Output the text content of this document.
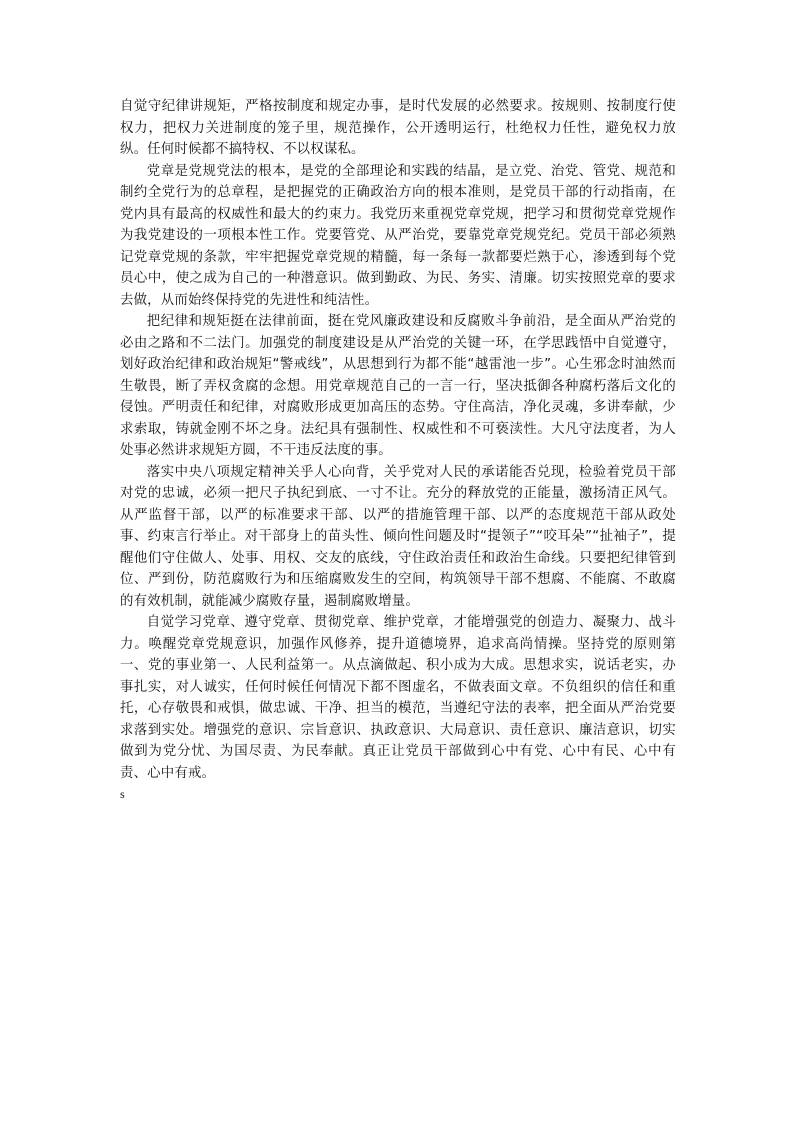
自觉守纪律讲规矩，严格按制度和规定办事，是时代发展的必然要求。按规则、按制度行使权力，把权力关进制度的笼子里，规范操作，公开透明运行，杜绝权力任性，避免权力放纵。任何时候都不搞特权、不以权谋私。

党章是党规党法的根本，是党的全部理论和实践的结晶，是立党、治党、管党、规范和制约全党行为的总章程，是把握党的正确政治方向的根本准则，是党员干部的行动指南，在党内具有最高的权威性和最大的约束力。我党历来重视党章党规，把学习和贯彻党章党规作为我党建设的一项根本性工作。党要管党、从严治党，要靠党章党规党纪。党员干部必须熟记党章党规的条款，牢牢把握党章党规的精髓，每一条每一款都要烂熟于心，渗透到每个党员心中，使之成为自己的一种潜意识。做到勤政、为民、务实、清廉。切实按照党章的要求去做，从而始终保持党的先进性和纯洁性。

把纪律和规矩挺在法律前面，挺在党风廉政建设和反腐败斗争前沿，是全面从严治党的必由之路和不二法门。加强党的制度建设是从严治党的关键一环，在学思践悟中自觉遵守，划好政治纪律和政治规矩“警戒线”，从思想到行为都不能“越雷池一步”。心生邪念时油然而生敬畏，断了弄权贪腐的念想。用党章规范自己的一言一行，坚决抵御各种腐朽落后文化的侵蚀。严明责任和纪律，对腐败形成更加高压的态势。守住高洁，净化灵魂，多讲奉献，少求索取，铸就金刚不坏之身。法纪具有强制性、权威性和不可亵渎性。大凡守法度者，为人处事必然讲求规矩方圆，不干违反法度的事。

落实中央八项规定精神关乎人心向背，关乎党对人民的承诺能否兑现，检验着党员干部对党的忠诚，必须一把尺子执纪到底、一寸不让。充分的释放党的正能量，激扬清正风气。从严监督干部，以严的标准要求干部、以严的措施管理干部、以严的态度规范干部从政处事、约束言行举止。对干部身上的苗头性、倾向性问题及时“提领子”“咬耳朵”“扯袖子”，提醒他们守住做人、处事、用权、交友的底线，守住政治责任和政治生命线。只要把纪律管到位、严到份，防范腐败行为和压缩腐败发生的空间，构筑领导干部不想腐、不能腐、不敢腐的有效机制，就能减少腐败存量，遏制腐败增量。

自觉学习党章、遵守党章、贯彻党章、维护党章，才能增强党的创造力、凝聚力、战斗力。唤醒党章党规意识，加强作风修养，提升道德境界，追求高尚情操。坚持党的原则第一、党的事业第一、人民利益第一。从点滴做起、积小成为大成。思想求实，说话老实，办事扎实，对人诚实，任何时候任何情况下都不图虚名，不做表面文章。不负组织的信任和重托，心存敬畏和戒惧，做忠诚、干净、担当的模范，当遵纪守法的表率，把全面从严治党要求落到实处。增强党的意识、宗旨意识、执政意识、大局意识、责任意识、廉洁意识，切实做到为党分忧、为国尽责、为民奉献。真正让党员干部做到心中有党、心中有民、心中有责、心中有戒。

s
